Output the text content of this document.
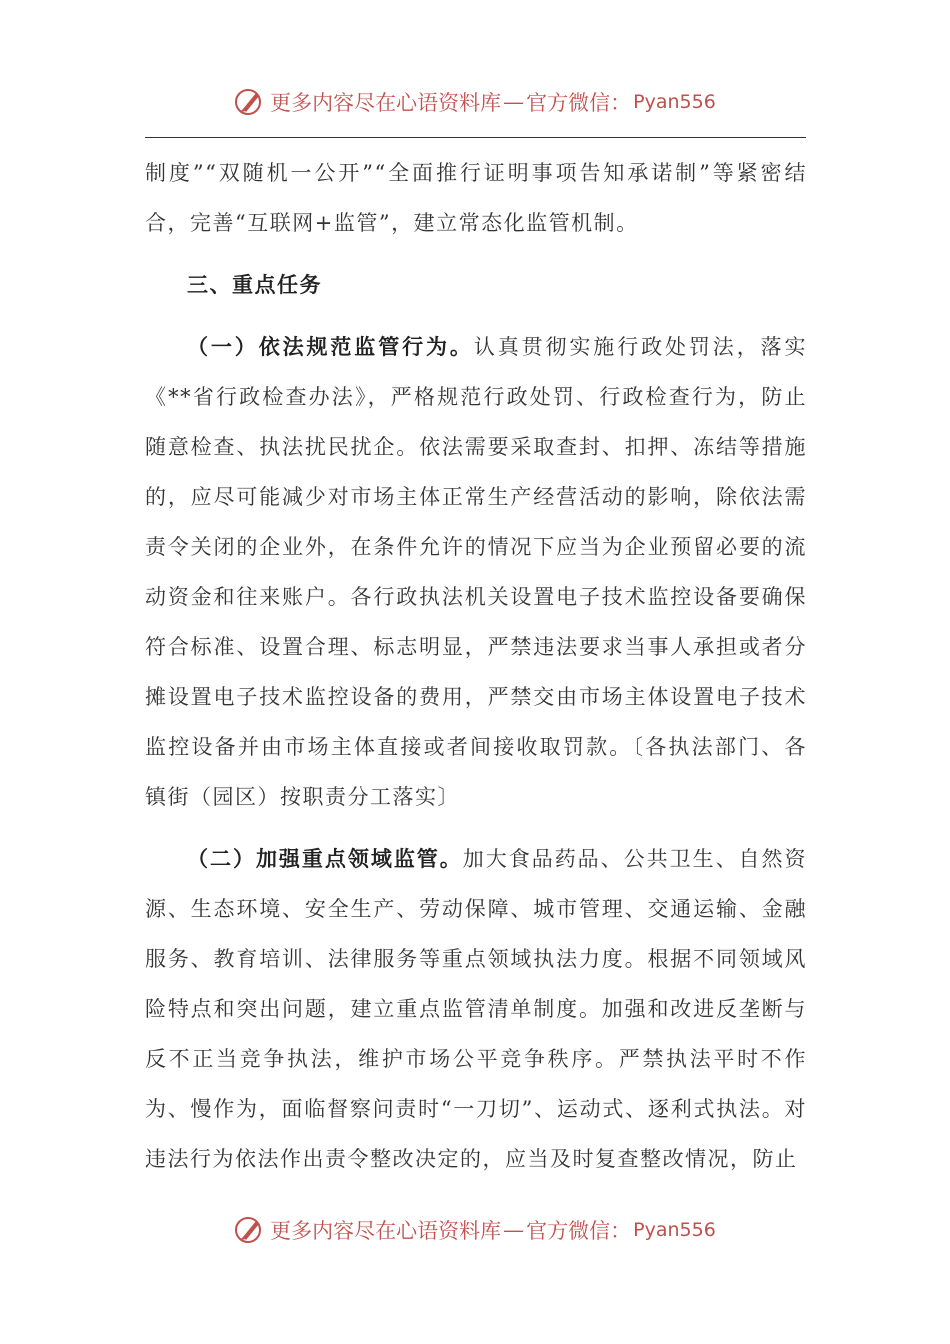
更多内容尽在心语资料库 — 官方微信： Pyan556

制度”“双随机一公开”“全面推行证明事项告知承诺制”等紧密结合，完善“互联网+监管”，建立常态化监管机制。

三、重点任务

（一）依法规范监管行为。认真贯彻实施行政处罚法，落实《**省行政检查办法》，严格规范行政处罚、行政检查行为，防止随意检查、执法扰民扰企。依法需要采取查封、扣押、冻结等措施的，应尽可能减少对市场主体正常生产经营活动的影响，除依法需责令关闭的企业外，在条件允许的情况下应当为企业预留必要的流动资金和往来账户。各行政执法机关设置电子技术监控设备要确保符合标准、设置合理、标志明显，严禁违法要求当事人承担或者分摊设置电子技术监控设备的费用，严禁交由市场主体设置电子技术监控设备并由市场主体直接或者间接收取罚款。〔各执法部门、各镇街（园区）按职责分工落实〕

（二）加强重点领域监管。加大食品药品、公共卫生、自然资源、生态环境、安全生产、劳动保障、城市管理、交通运输、金融服务、教育培训、法律服务等重点领域执法力度。根据不同领域风险特点和突出问题，建立重点监管清单制度。加强和改进反垄断与反不正当竞争执法，维护市场公平竞争秩序。严禁执法平时不作为、慢作为，面临督察问责时“一刀切”、运动式、逐利式执法。对违法行为依法作出责令整改决定的，应当及时复查整改情况，防止

更多内容尽在心语资料库 — 官方微信： Pyan556
